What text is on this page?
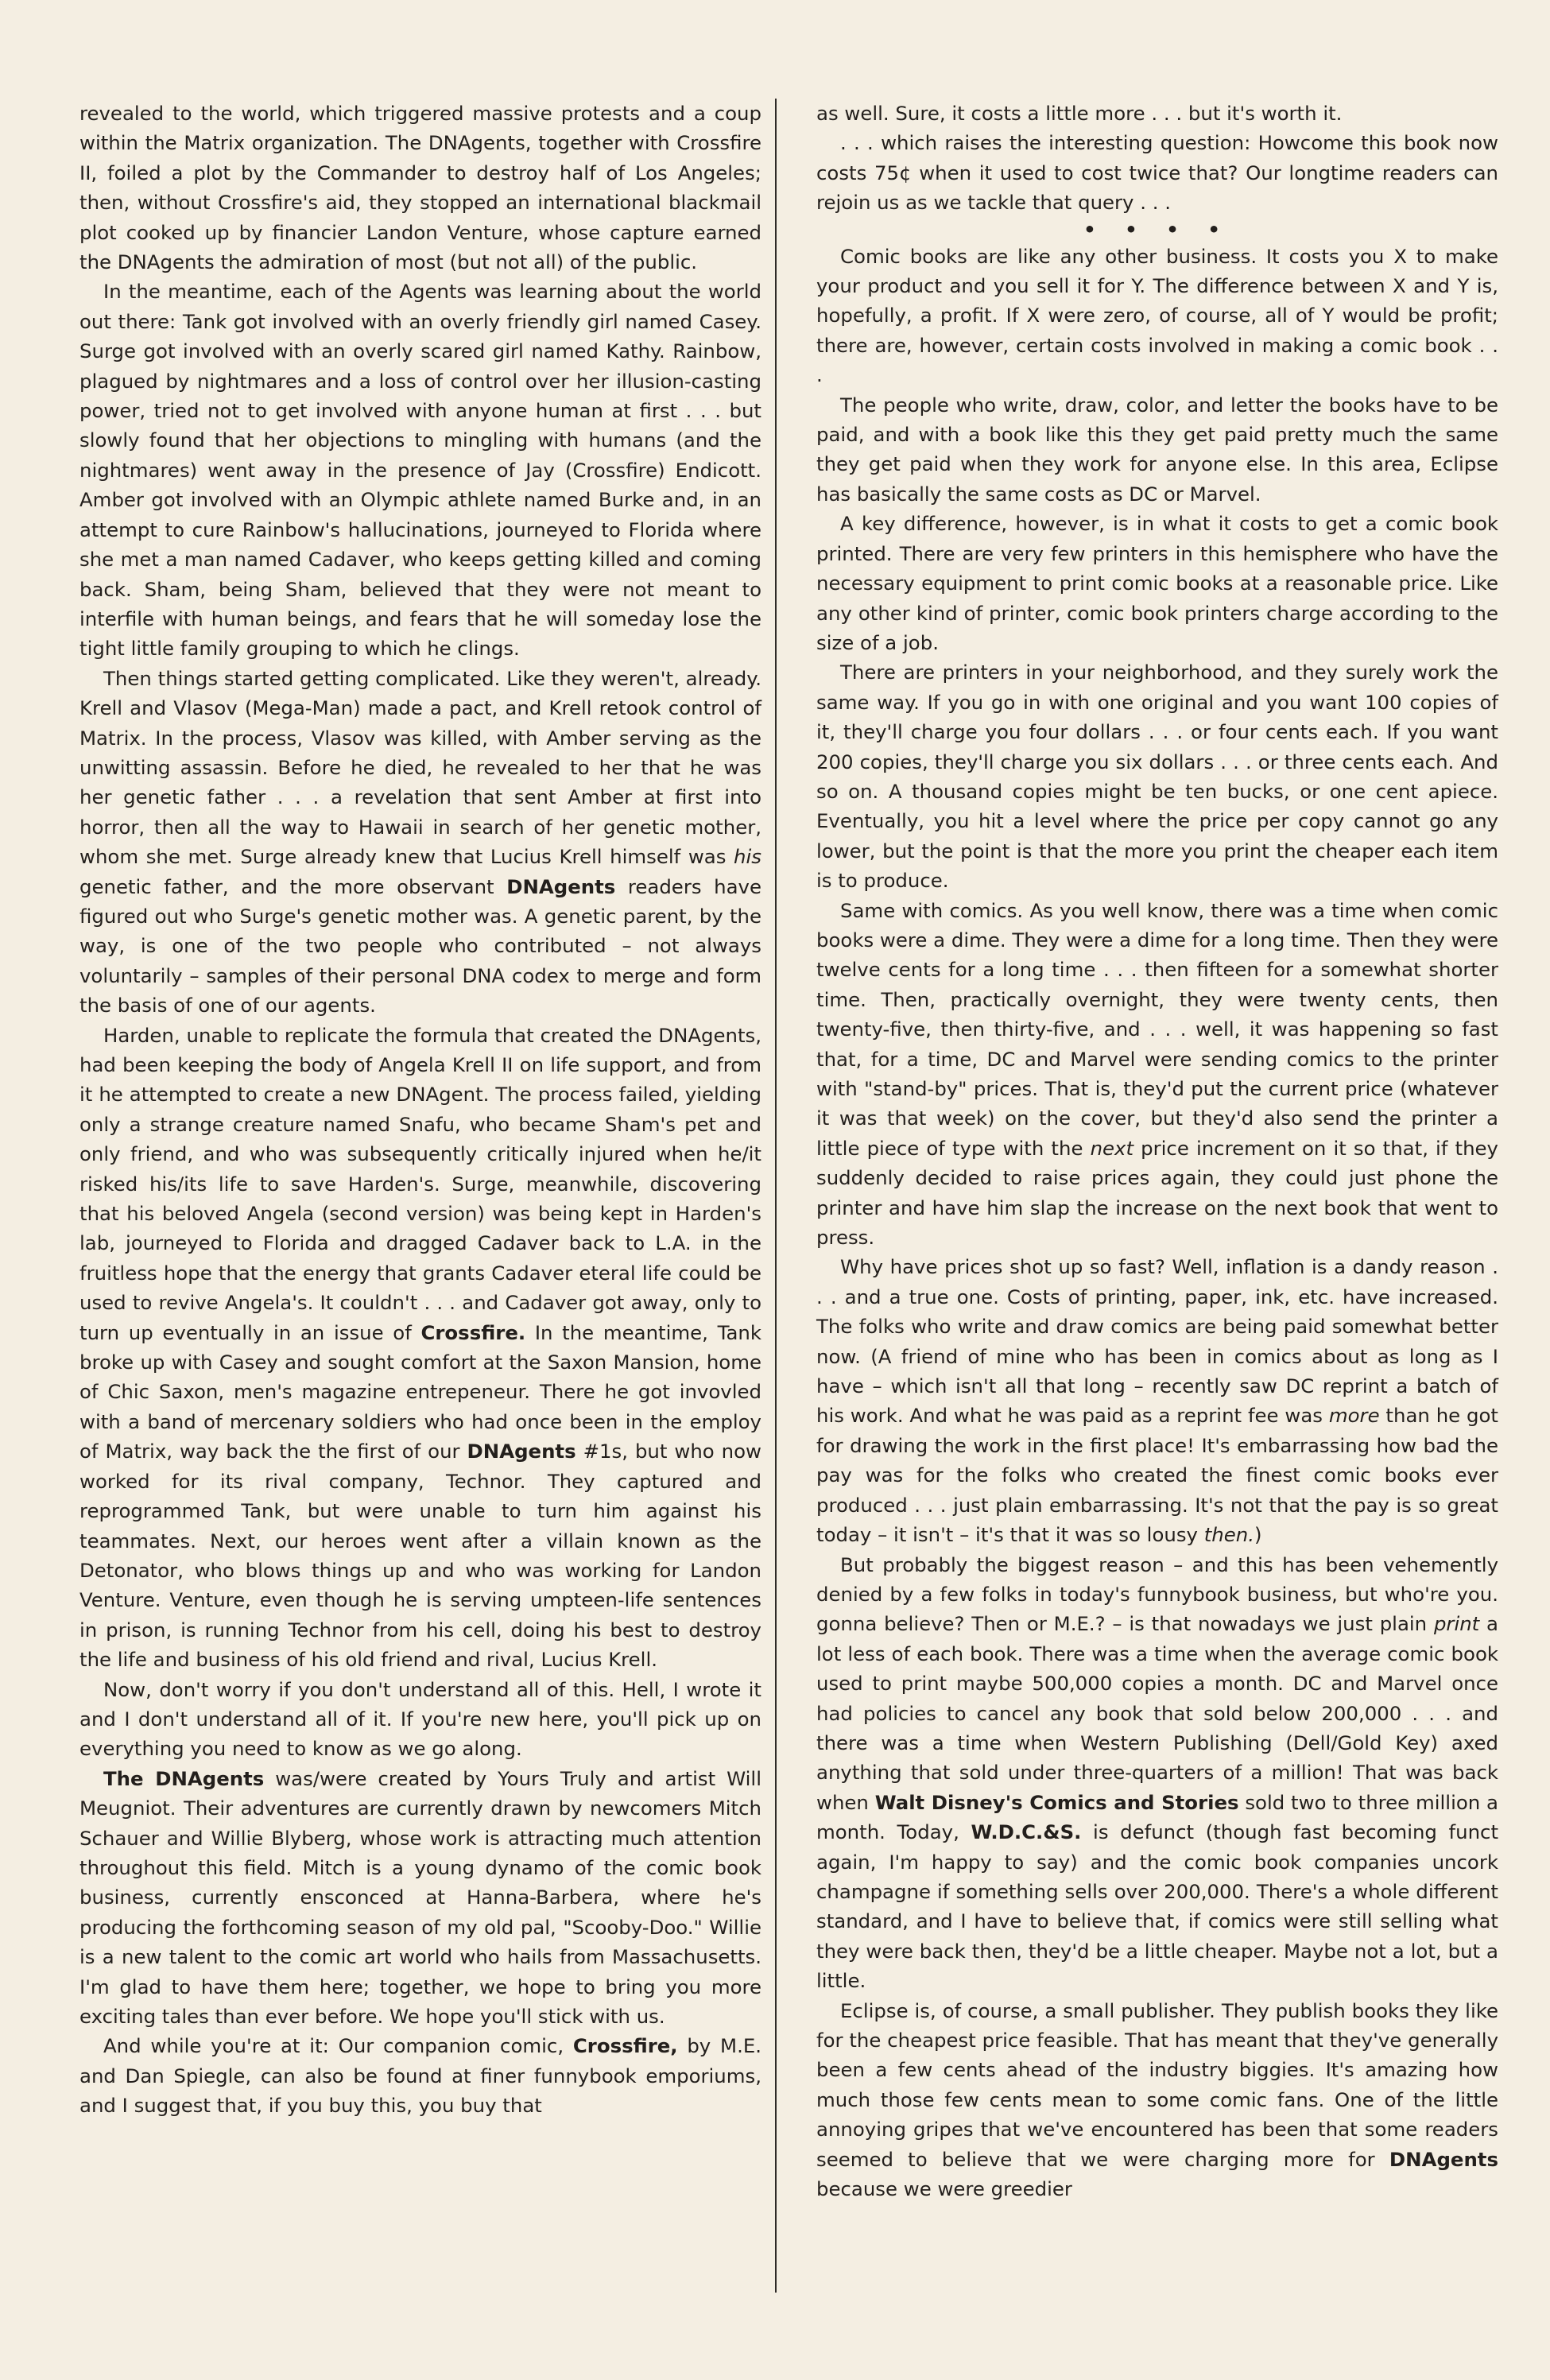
revealed to the world, which triggered massive protests and a coup within the Matrix organization. The DNAgents, together with Crossfire II, foiled a plot by the Commander to destroy half of Los Angeles; then, without Crossfire's aid, they stopped an international blackmail plot cooked up by financier Landon Venture, whose capture earned the DNAgents the admiration of most (but not all) of the public.

In the meantime, each of the Agents was learning about the world out there: Tank got involved with an overly friendly girl named Casey. Surge got involved with an overly scared girl named Kathy. Rainbow, plagued by nightmares and a loss of control over her illusion-casting power, tried not to get involved with anyone human at first . . . but slowly found that her objections to mingling with humans (and the nightmares) went away in the presence of Jay (Crossfire) Endicott. Amber got involved with an Olympic athlete named Burke and, in an attempt to cure Rainbow's hallucinations, journeyed to Florida where she met a man named Cadaver, who keeps getting killed and coming back. Sham, being Sham, believed that they were not meant to interfile with human beings, and fears that he will someday lose the tight little family grouping to which he clings.

Then things started getting complicated. Like they weren't, already. Krell and Vlasov (Mega-Man) made a pact, and Krell retook control of Matrix. In the process, Vlasov was killed, with Amber serving as the unwitting assassin. Before he died, he revealed to her that he was her genetic father . . . a revelation that sent Amber at first into horror, then all the way to Hawaii in search of her genetic mother, whom she met. Surge already knew that Lucius Krell himself was his genetic father, and the more observant DNAgents readers have figured out who Surge's genetic mother was. A genetic parent, by the way, is one of the two people who contributed – not always voluntarily – samples of their personal DNA codex to merge and form the basis of one of our agents.

Harden, unable to replicate the formula that created the DNAgents, had been keeping the body of Angela Krell II on life support, and from it he attempted to create a new DNAgent. The process failed, yielding only a strange creature named Snafu, who became Sham's pet and only friend, and who was subsequently critically injured when he/it risked his/its life to save Harden's. Surge, meanwhile, discovering that his beloved Angela (second version) was being kept in Harden's lab, journeyed to Florida and dragged Cadaver back to L.A. in the fruitless hope that the energy that grants Cadaver eteral life could be used to revive Angela's. It couldn't . . . and Cadaver got away, only to turn up eventually in an issue of Crossfire. In the meantime, Tank broke up with Casey and sought comfort at the Saxon Mansion, home of Chic Saxon, men's magazine entrepeneur. There he got invovled with a band of mercenary soldiers who had once been in the employ of Matrix, way back the the first of our DNAgents #1s, but who now worked for its rival company, Technor. They captured and reprogrammed Tank, but were unable to turn him against his teammates. Next, our heroes went after a villain known as the Detonator, who blows things up and who was working for Landon Venture. Venture, even though he is serving umpteen-life sentences in prison, is running Technor from his cell, doing his best to destroy the life and business of his old friend and rival, Lucius Krell.

Now, don't worry if you don't understand all of this. Hell, I wrote it and I don't understand all of it. If you're new here, you'll pick up on everything you need to know as we go along.

The DNAgents was/were created by Yours Truly and artist Will Meugniot. Their adventures are currently drawn by newcomers Mitch Schauer and Willie Blyberg, whose work is attracting much attention throughout this field. Mitch is a young dynamo of the comic book business, currently ensconced at Hanna-Barbera, where he's producing the forthcoming season of my old pal, "Scooby-Doo." Willie is a new talent to the comic art world who hails from Massachusetts. I'm glad to have them here; together, we hope to bring you more exciting tales than ever before. We hope you'll stick with us.

And while you're at it: Our companion comic, Crossfire, by M.E. and Dan Spiegle, can also be found at finer funnybook emporiums, and I suggest that, if you buy this, you buy that

as well. Sure, it costs a little more . . . but it's worth it.

. . . which raises the interesting question: Howcome this book now costs 75¢ when it used to cost twice that? Our longtime readers can rejoin us as we tackle that query . . .

• • • •

Comic books are like any other business. It costs you X to make your product and you sell it for Y. The difference between X and Y is, hopefully, a profit. If X were zero, of course, all of Y would be profit; there are, however, certain costs involved in making a comic book . . .

The people who write, draw, color, and letter the books have to be paid, and with a book like this they get paid pretty much the same they get paid when they work for anyone else. In this area, Eclipse has basically the same costs as DC or Marvel.

A key difference, however, is in what it costs to get a comic book printed. There are very few printers in this hemisphere who have the necessary equipment to print comic books at a reasonable price. Like any other kind of printer, comic book printers charge according to the size of a job.

There are printers in your neighborhood, and they surely work the same way. If you go in with one original and you want 100 copies of it, they'll charge you four dollars . . . or four cents each. If you want 200 copies, they'll charge you six dollars . . . or three cents each. And so on. A thousand copies might be ten bucks, or one cent apiece. Eventually, you hit a level where the price per copy cannot go any lower, but the point is that the more you print the cheaper each item is to produce.

Same with comics. As you well know, there was a time when comic books were a dime. They were a dime for a long time. Then they were twelve cents for a long time . . . then fifteen for a somewhat shorter time. Then, practically overnight, they were twenty cents, then twenty-five, then thirty-five, and . . . well, it was happening so fast that, for a time, DC and Marvel were sending comics to the printer with "stand-by" prices. That is, they'd put the current price (whatever it was that week) on the cover, but they'd also send the printer a little piece of type with the next price increment on it so that, if they suddenly decided to raise prices again, they could just phone the printer and have him slap the increase on the next book that went to press.

Why have prices shot up so fast? Well, inflation is a dandy reason . . . and a true one. Costs of printing, paper, ink, etc. have increased. The folks who write and draw comics are being paid somewhat better now. (A friend of mine who has been in comics about as long as I have – which isn't all that long – recently saw DC reprint a batch of his work. And what he was paid as a reprint fee was more than he got for drawing the work in the first place! It's embarrassing how bad the pay was for the folks who created the finest comic books ever produced . . . just plain embarrassing. It's not that the pay is so great today – it isn't – it's that it was so lousy then.)

But probably the biggest reason – and this has been vehemently denied by a few folks in today's funnybook business, but who're you. gonna believe? Then or M.E.? – is that nowadays we just plain print a lot less of each book. There was a time when the average comic book used to print maybe 500,000 copies a month. DC and Marvel once had policies to cancel any book that sold below 200,000 . . . and there was a time when Western Publishing (Dell/Gold Key) axed anything that sold under three-quarters of a million! That was back when Walt Disney's Comics and Stories sold two to three million a month. Today, W.D.C.&S. is defunct (though fast becoming funct again, I'm happy to say) and the comic book companies uncork champagne if something sells over 200,000. There's a whole different standard, and I have to believe that, if comics were still selling what they were back then, they'd be a little cheaper. Maybe not a lot, but a little.

Eclipse is, of course, a small publisher. They publish books they like for the cheapest price feasible. That has meant that they've generally been a few cents ahead of the industry biggies. It's amazing how much those few cents mean to some comic fans. One of the little annoying gripes that we've encountered has been that some readers seemed to believe that we were charging more for DNAgents because we were greedier
